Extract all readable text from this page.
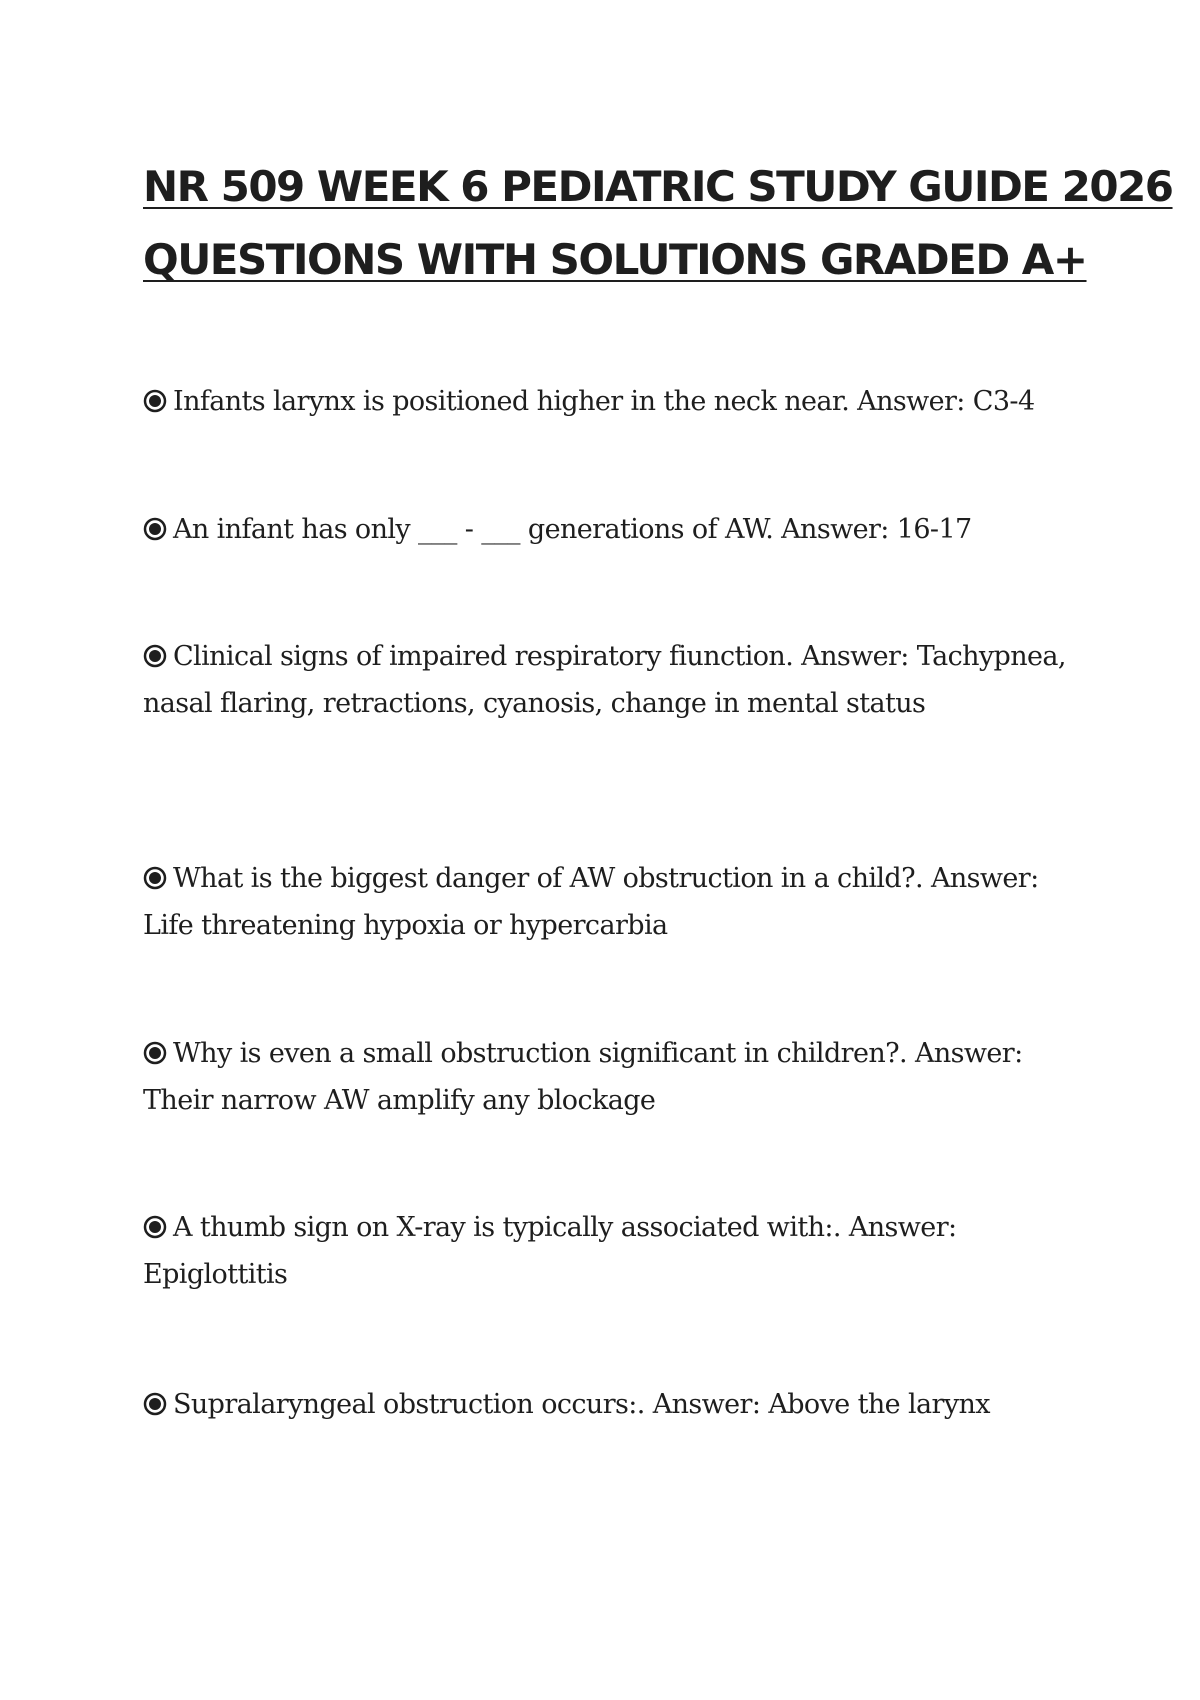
NR 509 WEEK 6 PEDIATRIC STUDY GUIDE 2026
QUESTIONS WITH SOLUTIONS GRADED A+
Infants larynx is positioned higher in the neck near. Answer: C3-4
An infant has only ___ - ___ generations of AW. Answer: 16-17
Clinical signs of impaired respiratory fiunction. Answer: Tachypnea, nasal flaring, retractions, cyanosis, change in mental status
What is the biggest danger of AW obstruction in a child?. Answer: Life threatening hypoxia or hypercarbia
Why is even a small obstruction significant in children?. Answer: Their narrow AW amplify any blockage
A thumb sign on X-ray is typically associated with:. Answer: Epiglottitis
Supralaryngeal obstruction occurs:. Answer: Above the larynx
